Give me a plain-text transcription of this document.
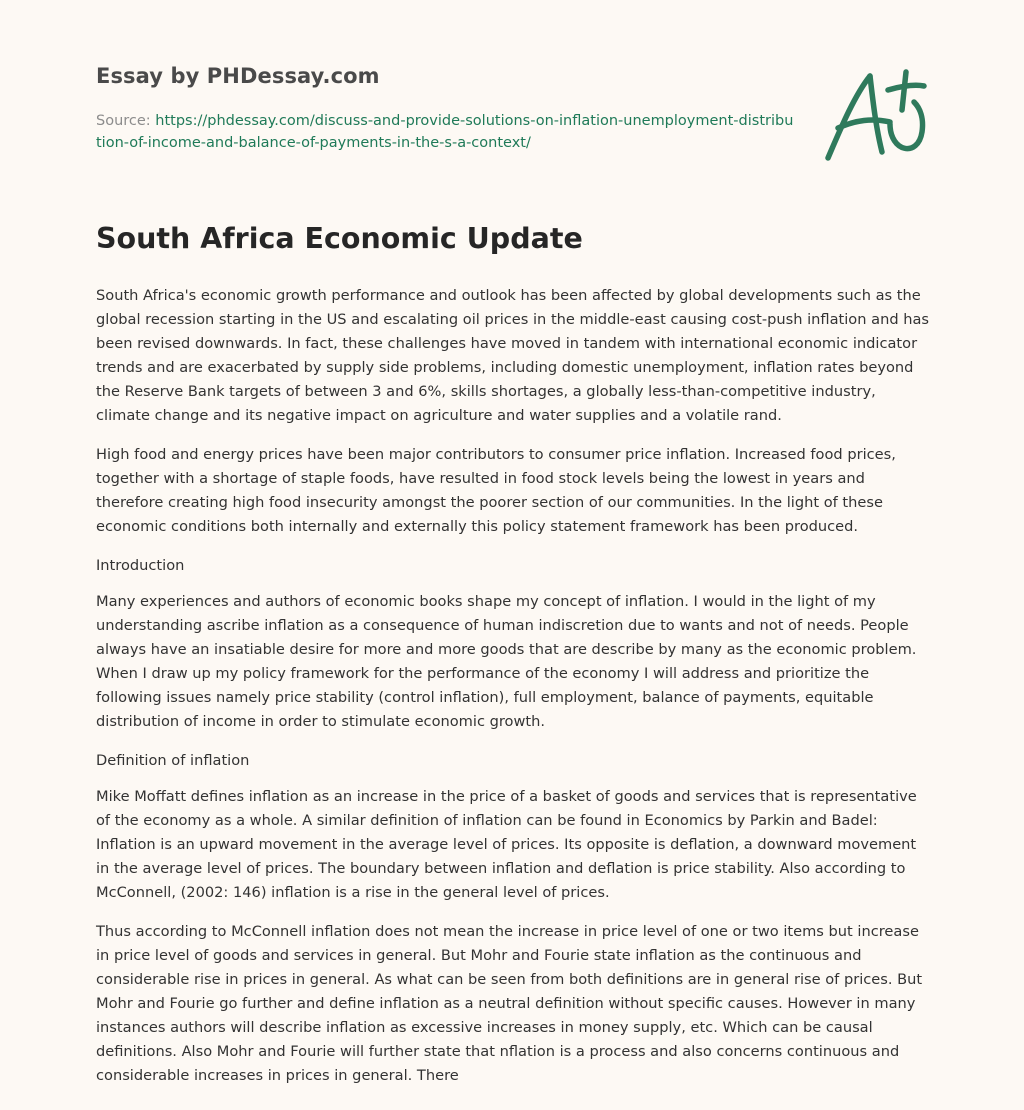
Essay by PHDessay.com
Source: https://phdessay.com/discuss-and-provide-solutions-on-inflation-unemployment-distribution-of-income-and-balance-of-payments-in-the-s-a-context/
South Africa Economic Update

South Africa's economic growth performance and outlook has been affected by global developments such as the global recession starting in the US and escalating oil prices in the middle-east causing cost-push inflation and has been revised downwards. In fact, these challenges have moved in tandem with international economic indicator trends and are exacerbated by supply side problems, including domestic unemployment, inflation rates beyond the Reserve Bank targets of between 3 and 6%, skills shortages, a globally less-than-competitive industry, climate change and its negative impact on agriculture and water supplies and a volatile rand.

High food and energy prices have been major contributors to consumer price inflation. Increased food prices, together with a shortage of staple foods, have resulted in food stock levels being the lowest in years and therefore creating high food insecurity amongst the poorer section of our communities. In the light of these economic conditions both internally and externally this policy statement framework has been produced.

Introduction

Many experiences and authors of economic books shape my concept of inflation. I would in the light of my understanding ascribe inflation as a consequence of human indiscretion due to wants and not of needs. People always have an insatiable desire for more and more goods that are describe by many as the economic problem. When I draw up my policy framework for the performance of the economy I will address and prioritize the following issues namely price stability (control inflation), full employment, balance of payments, equitable distribution of income in order to stimulate economic growth.

Definition of inflation

Mike Moffatt defines inflation as an increase in the price of a basket of goods and services that is representative of the economy as a whole. A similar definition of inflation can be found in Economics by Parkin and Badel: Inflation is an upward movement in the average level of prices. Its opposite is deflation, a downward movement in the average level of prices. The boundary between inflation and deflation is price stability. Also according to McConnell, (2002: 146) inflation is a rise in the general level of prices.

Thus according to McConnell inflation does not mean the increase in price level of one or two items but increase in price level of goods and services in general. But Mohr and Fourie state inflation as the continuous and considerable rise in prices in general. As what can be seen from both definitions are in general rise of prices. But Mohr and Fourie go further and define inflation as a neutral definition without specific causes. However in many instances authors will describe inflation as excessive increases in money supply, etc. Which can be causal definitions. Also Mohr and Fourie will further state that nflation is a process and also concerns continuous and considerable increases in prices in general. There
